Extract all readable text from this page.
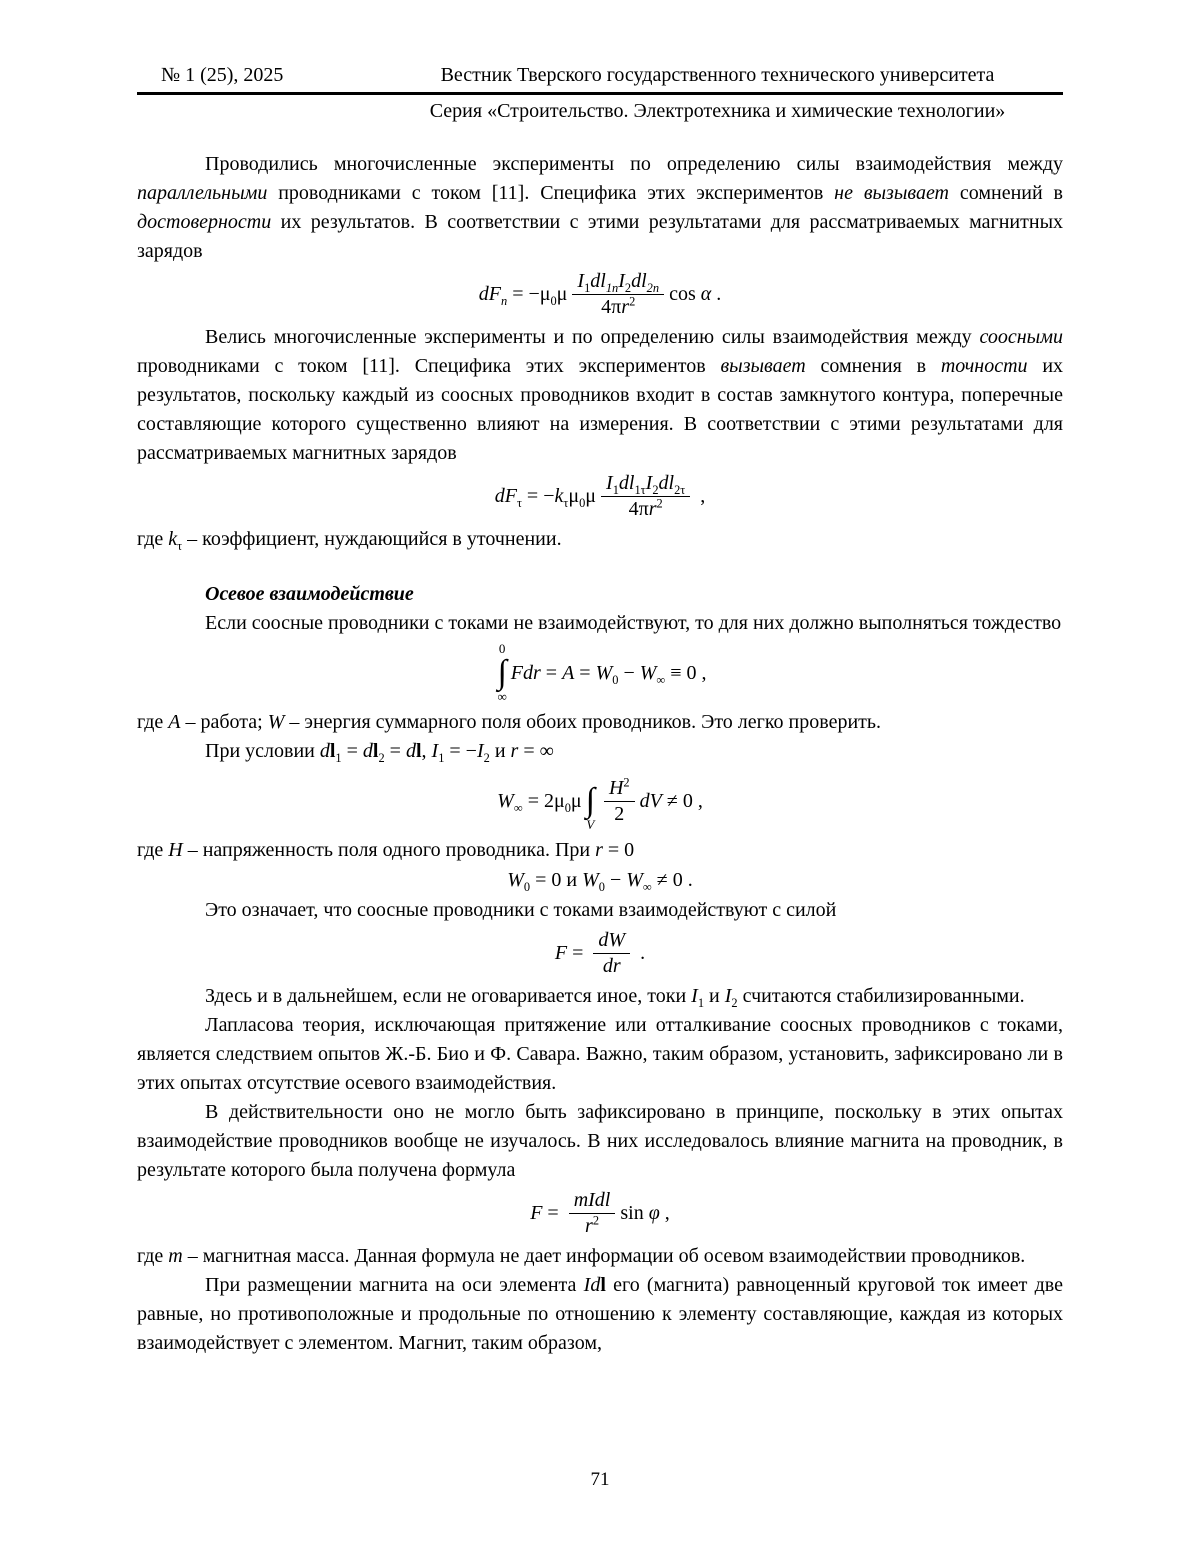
№ 1 (25), 2025	Вестник Тверского государственного технического университета
Серия «Строительство. Электротехника и химические технологии»

Проводились многочисленные эксперименты по определению силы взаимодействия между параллельными проводниками с током [11]. Специфика этих экспериментов не вызывает сомнений в достоверности их результатов. В соответствии с этими результатами для рассматриваемых магнитных зарядов

$dF_n = -\mu_0\mu \frac{I_1dl_{1n}I_2dl_{2n}}{4\pi r^2}$ cos α .

Велись многочисленные эксперименты и по определению силы взаимодействия между соосными проводниками с током [11]. Специфика этих экспериментов вызывает сомнения в точности их результатов, поскольку каждый из соосных проводников входит в состав замкнутого контура, поперечные составляющие которого существенно влияют на измерения. В соответствии с этими результатами для рассматриваемых магнитных зарядов

$dF_\tau = -k_\tau\mu_0\mu \frac{I_1dl_{1\tau}I_2dl_{2\tau}}{4\pi r^2}$ ,

где $k_\tau$ – коэффициент, нуждающийся в уточнении.

Осевое взаимодействие

Если соосные проводники с токами не взаимодействуют, то для них должно выполняться тождество

0
∫
∞
Fdr = $A = W_0 - W_\infty \equiv 0$ ,

где A – работа; W – энергия суммарного поля обоих проводников. Это легко проверить.

При условии $dl_1 = dl_2$ = dl, $I_1 = -I_2$ и r = ∞

$W_\infty = 2\mu_0\mu$ ∫
V $\frac{H^2}{2}$ dV ≠ 0 ,

где H – напряженность поля одного проводника. При r = 0

$W_0 = 0$ и $W_0 - W_\infty \ne 0$ .

Это означает, что соосные проводники с токами взаимодействуют с силой

$F = \frac{dW}{dr}$ .

Здесь и в дальнейшем, если не оговаривается иное, токи $I_1$ и $I_2$ считаются стабилизированными.

Лапласова теория, исключающая притяжение или отталкивание соосных проводников с токами, является следствием опытов Ж.-Б. Био и Ф. Савара. Важно, таким образом, установить, зафиксировано ли в этих опытах отсутствие осевого взаимодействия.

В действительности оно не могло быть зафиксировано в принципе, поскольку в этих опытах взаимодействие проводников вообще не изучалось. В них исследовалось влияние магнита на проводник, в результате которого была получена формула

$F = \frac{\text{mIdl}}{r^2}$ sin φ ,

где m – магнитная масса. Данная формула не дает информации об осевом взаимодействии проводников.

При размещении магнита на оси элемента Idl его (магнита) равноценный круговой ток имеет две равные, но противоположные и продольные по отношению к элементу составляющие, каждая из которых взаимодействует с элементом. Магнит, таким образом,

71
